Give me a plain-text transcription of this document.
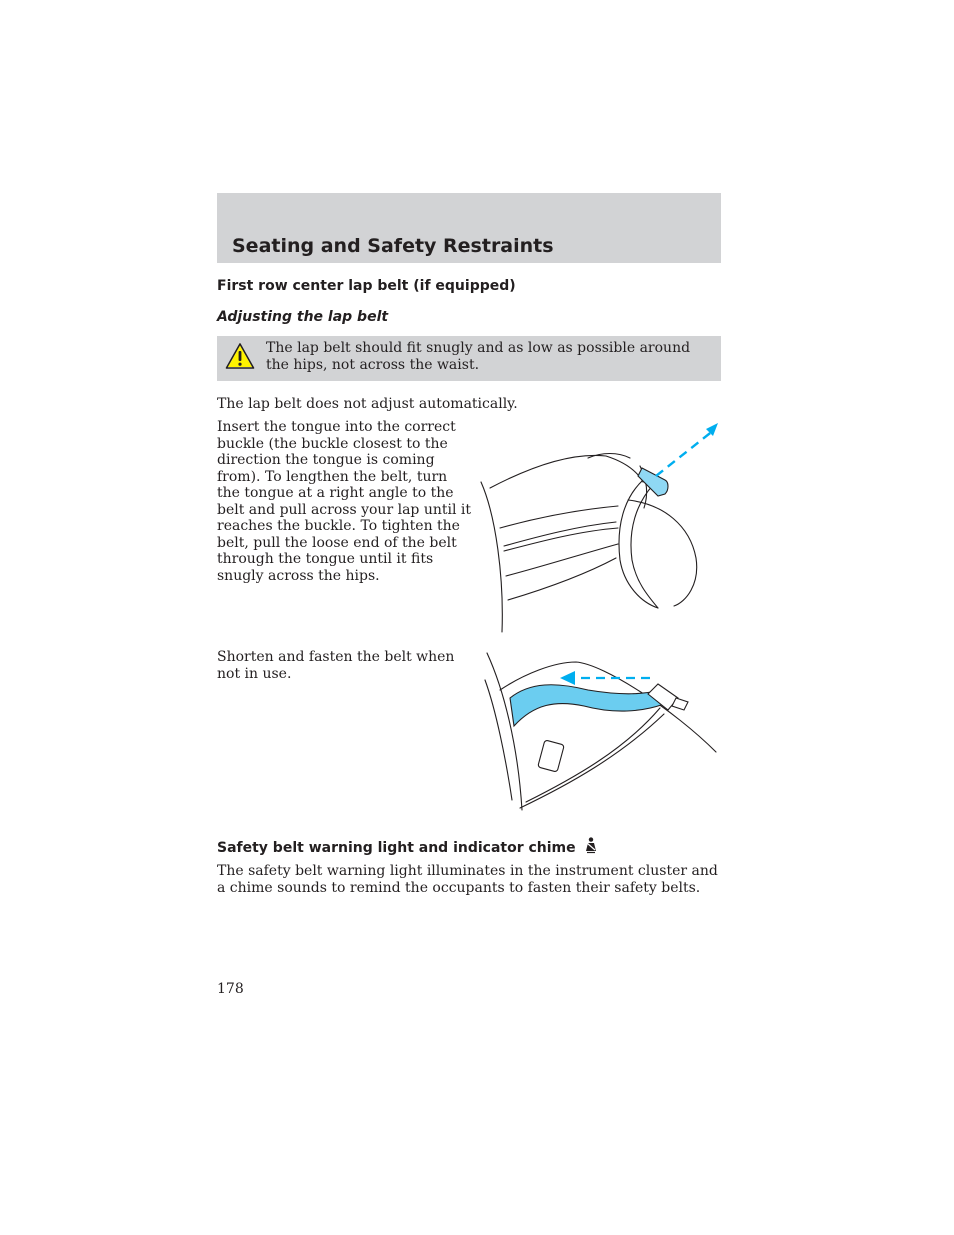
Seating and Safety Restraints
First row center lap belt (if equipped)
Adjusting the lap belt

The lap belt should fit snugly and as low as possible around the hips, not across the waist.

The lap belt does not adjust automatically.

Insert the tongue into the correct buckle (the buckle closest to the direction the tongue is coming from). To lengthen the belt, turn the tongue at a right angle to the belt and pull across your lap until it reaches the buckle. To tighten the belt, pull the loose end of the belt through the tongue until it fits snugly across the hips.

Shorten and fasten the belt when not in use.

Safety belt warning light and indicator chime

The safety belt warning light illuminates in the instrument cluster and a chime sounds to remind the occupants to fasten their safety belts.

178
